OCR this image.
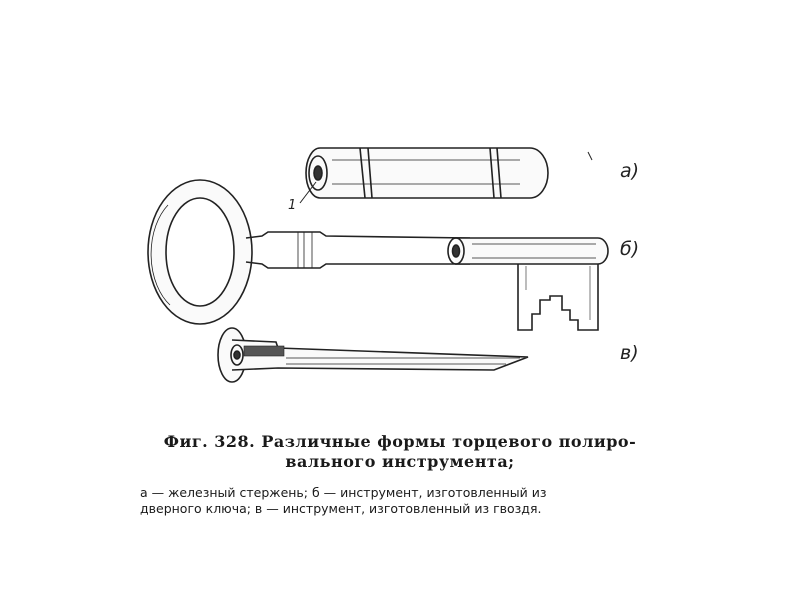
а)
б)
в)
1
Фиг. 328. Различные формы торцевого полиро-
вального инструмента;
а — железный стержень; б — инструмент, изготовленный из
дверного ключа; в — инструмент, изготовленный из гвоздя.
